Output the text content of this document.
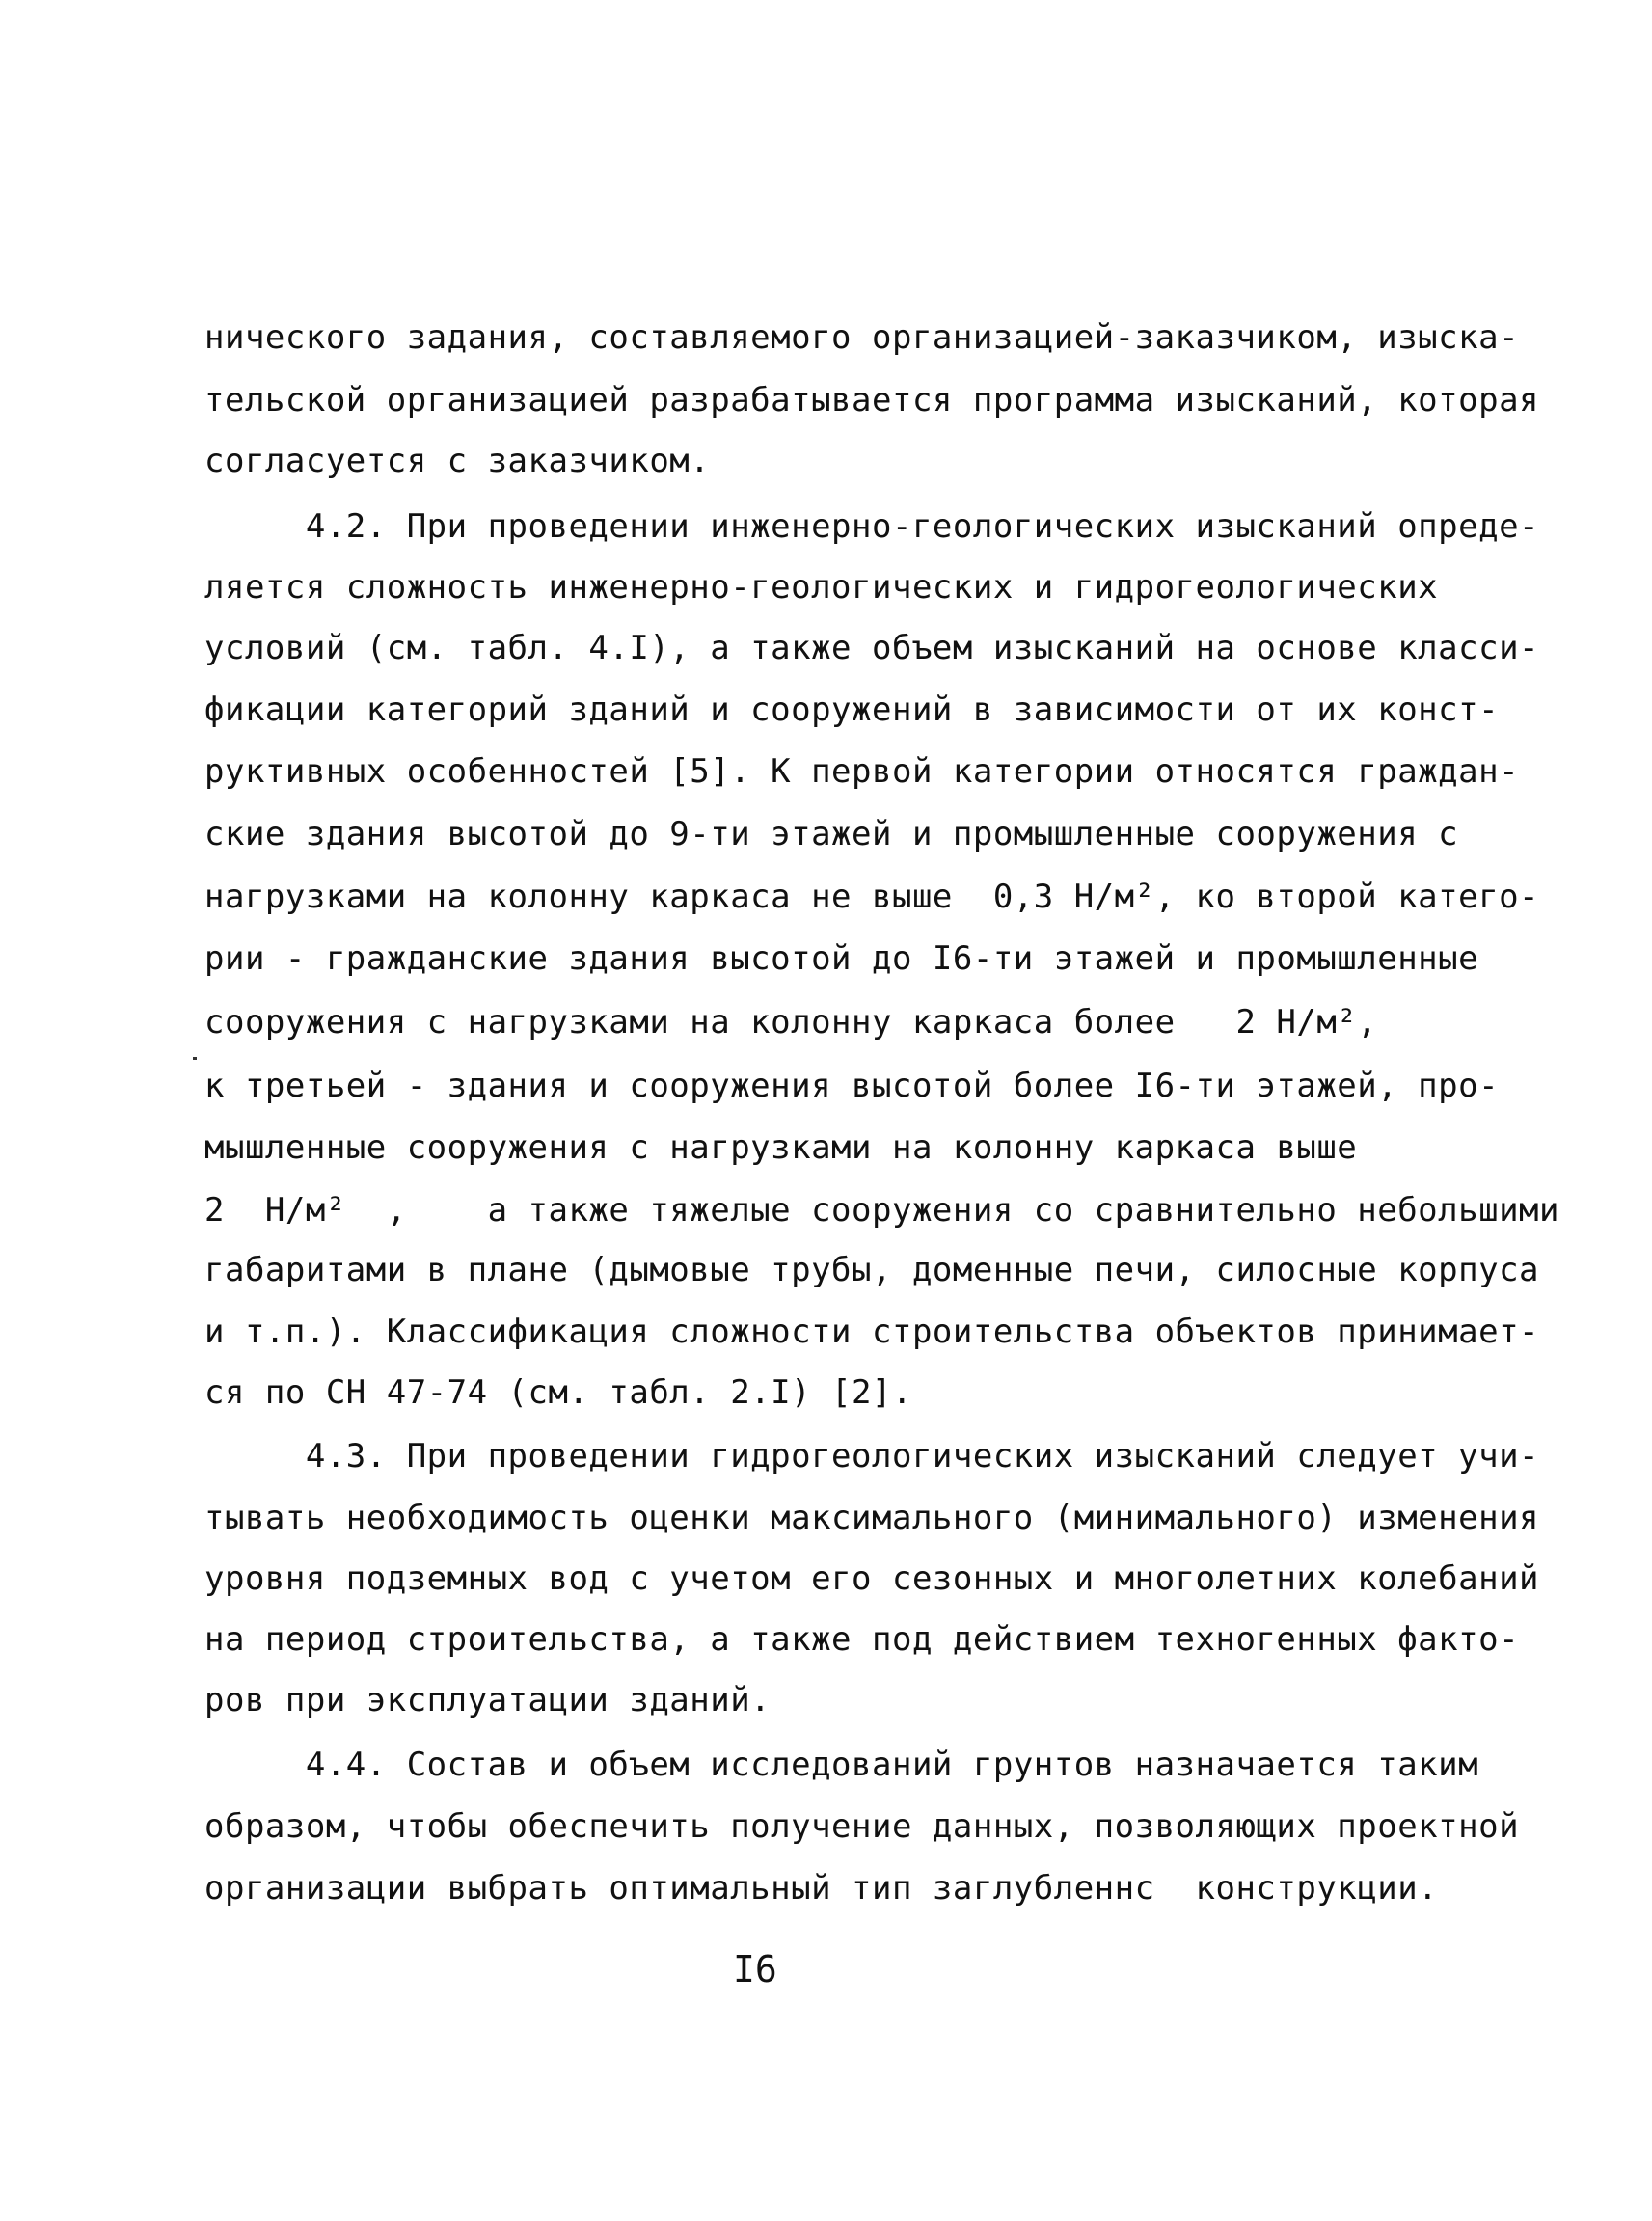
нического задания, составляемого организацией-заказчиком, изыска-
тельской организацией разрабатывается программа изысканий, которая
согласуется с заказчиком.
4.2. При проведении инженерно-геологических изысканий опреде-
ляется сложность инженерно-геологических и гидрогеологических
условий (см. табл. 4.I), а также объем изысканий на основе класси-
фикации категорий зданий и сооружений в зависимости от их конст-
руктивных особенностей [5]. К первой категории относятся граждан-
ские здания высотой до 9-ти этажей и промышленные сооружения с
нагрузками на колонну каркаса не выше  0,3 Н/м², ко второй катего-
рии - гражданские здания высотой до I6-ти этажей и промышленные
сооружения с нагрузками на колонну каркаса более   2 Н/м²,
к третьей - здания и сооружения высотой более I6-ти этажей, про-
мышленные сооружения с нагрузками на колонну каркаса выше
2  Н/м²  ,    а также тяжелые сооружения со сравнительно небольшими
габаритами в плане (дымовые трубы, доменные печи, силосные корпуса
и т.п.). Классификация сложности строительства объектов принимает-
ся по СН 47-74 (см. табл. 2.I) [2].
4.3. При проведении гидрогеологических изысканий следует учи-
тывать необходимость оценки максимального (минимального) изменения
уровня подземных вод с учетом его сезонных и многолетних колебаний
на период строительства, а также под действием техногенных факто-
ров при эксплуатации зданий.
4.4. Состав и объем исследований грунтов назначается таким
образом, чтобы обеспечить получение данных, позволяющих проектной
организации выбрать оптимальный тип заглубленнс  конструкции.
I6
